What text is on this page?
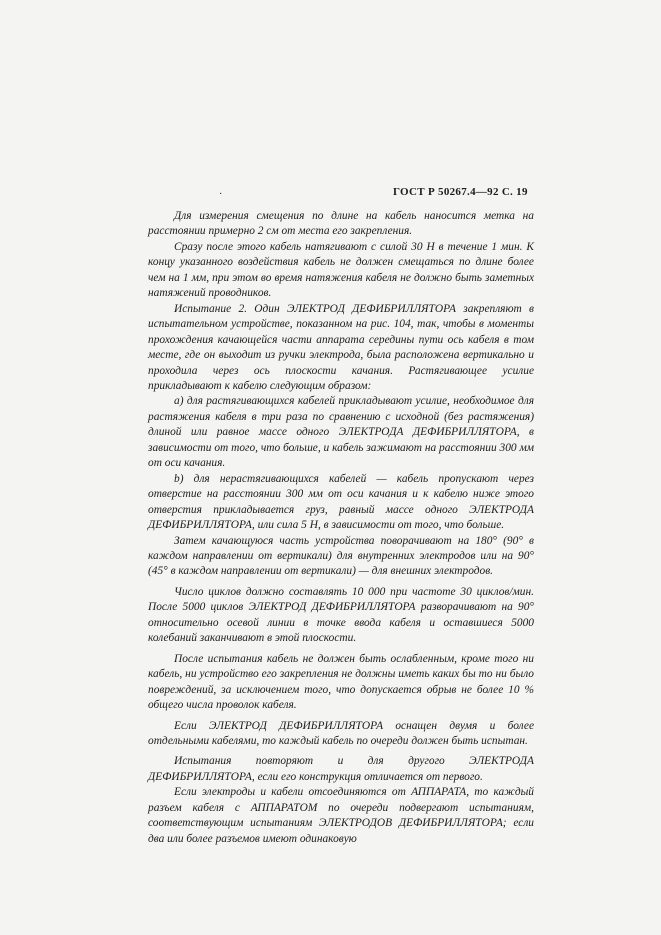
·	ГОСТ Р 50267.4—92 С. 19

Для измерения смещения по длине на кабель наносится метка на расстоянии примерно 2 см от места его закрепления.

Сразу после этого кабель натягивают с силой 30 Н в течение 1 мин. К концу указанного воздействия кабель не должен смещаться по длине более чем на 1 мм, при этом во время натяжения кабеля не должно быть заметных натяжений проводников.

Испытание 2. Один ЭЛЕКТРОД ДЕФИБРИЛЛЯТОРА закрепляют в испытательном устройстве, показанном на рис. 104, так, чтобы в моменты прохождения качающейся части аппарата середины пути ось кабеля в том месте, где он выходит из ручки электрода, была расположена вертикально и проходила через ось плоскости качания. Растягивающее усилие прикладывают к кабелю следующим образом:

а) для растягивающихся кабелей прикладывают усилие, необходимое для растяжения кабеля в три раза по сравнению с исходной (без растяжения) длиной или равное массе одного ЭЛЕКТРОДА ДЕФИБРИЛЛЯТОРА, в зависимости от того, что больше, и кабель зажимают на расстоянии 300 мм от оси качания.

b) для нерастягивающихся кабелей — кабель пропускают через отверстие на расстоянии 300 мм от оси качания и к кабелю ниже этого отверстия прикладывается груз, равный массе одного ЭЛЕКТРОДА ДЕФИБРИЛЛЯТОРА, или сила 5 Н, в зависимости от того, что больше.

Затем качающуюся часть устройства поворачивают на 180° (90° в каждом направлении от вертикали) для внутренних электродов или на 90° (45° в каждом направлении от вертикали) — для внешних электродов.

Число циклов должно составлять 10 000 при частоте 30 циклов/мин. После 5000 циклов ЭЛЕКТРОД ДЕФИБРИЛЛЯТОРА разворачивают на 90° относительно осевой линии в точке ввода кабеля и оставшиеся 5000 колебаний заканчивают в этой плоскости.

После испытания кабель не должен быть ослабленным, кроме того ни кабель, ни устройство его закрепления не должны иметь каких бы то ни было повреждений, за исключением того, что допускается обрыв не более 10 % общего числа проволок кабеля.

Если ЭЛЕКТРОД ДЕФИБРИЛЛЯТОРА оснащен двумя и более отдельными кабелями, то каждый кабель по очереди должен быть испытан.

Испытания повторяют и для другого ЭЛЕКТРОДА ДЕФИБРИЛЛЯТОРА, если его конструкция отличается от первого.

Если электроды и кабели отсоединяются от АППАРАТА, то каждый разъем кабеля с АППАРАТОМ по очереди подвергают испытаниям, соответствующим испытаниям ЭЛЕКТРОДОВ ДЕФИБРИЛЛЯТОРА; если два или более разъемов имеют одинаковую
